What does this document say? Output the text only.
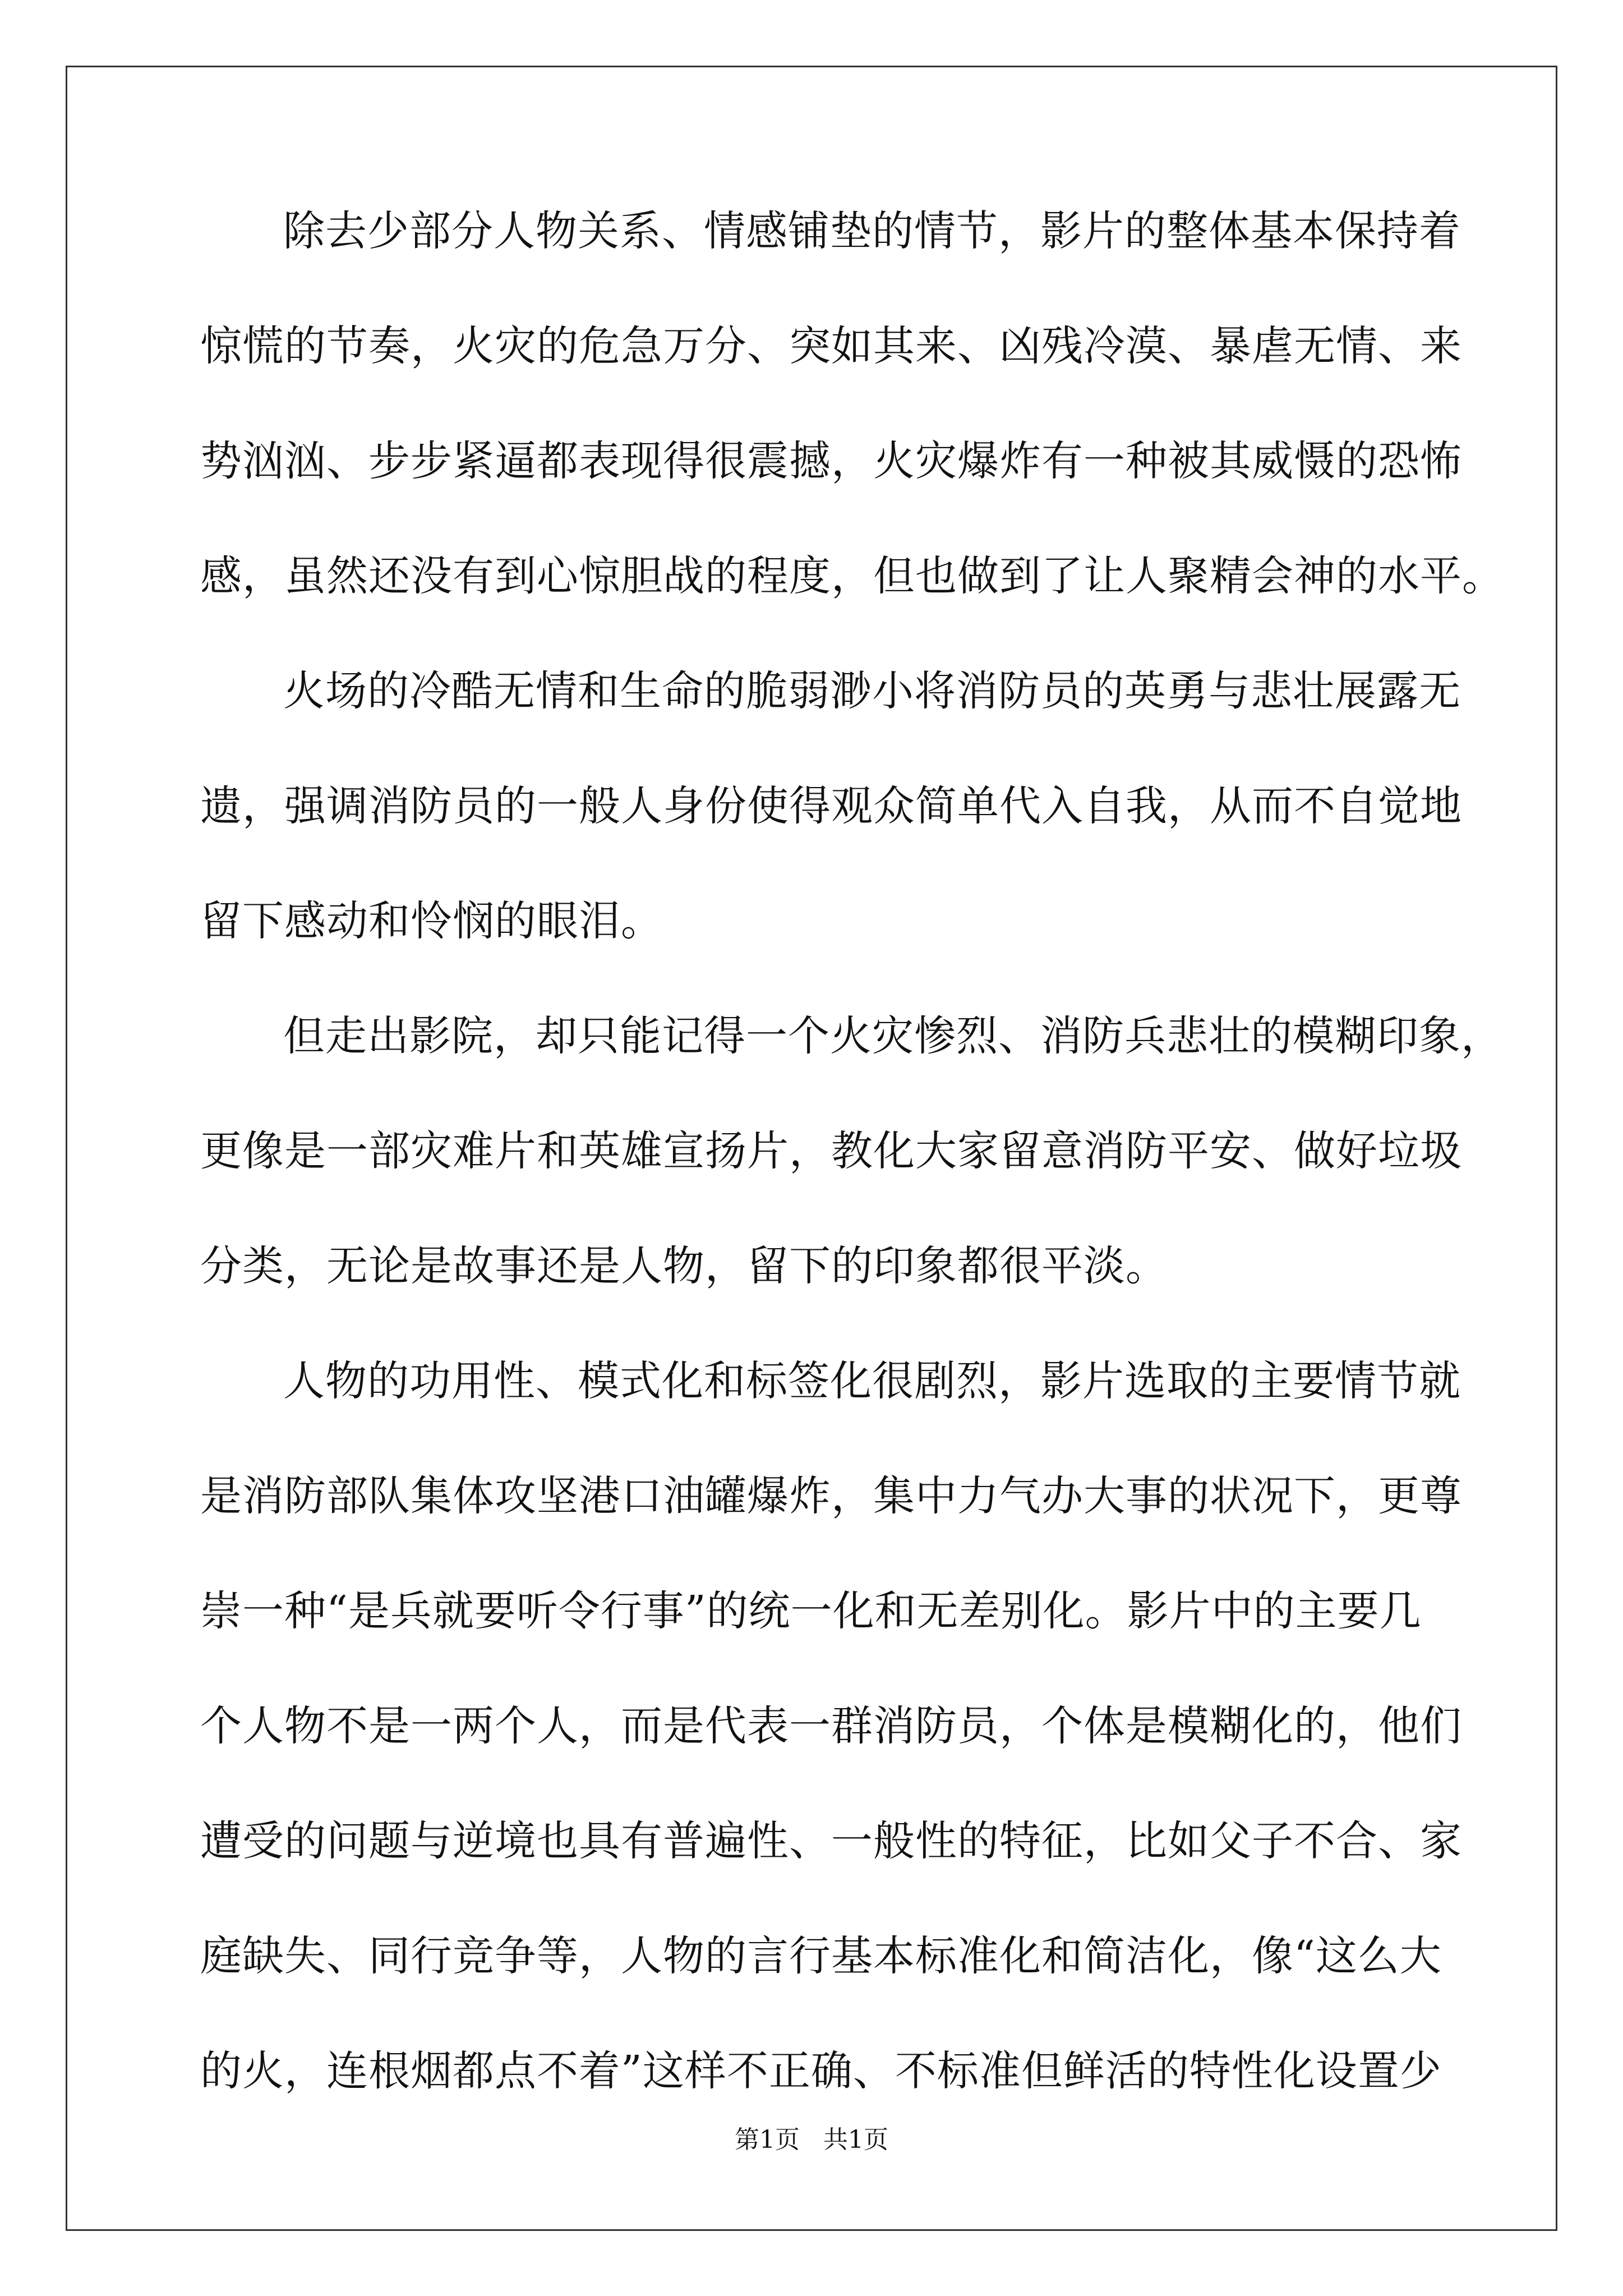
除去少部分人物关系、情感铺垫的情节，影片的整体基本保持着
惊慌的节奏，火灾的危急万分、突如其来、凶残冷漠、暴虐无情、来
势汹汹、步步紧逼都表现得很震撼，火灾爆炸有一种被其威慑的恐怖
感，虽然还没有到心惊胆战的程度，但也做到了让人聚精会神的水平。
火场的冷酷无情和生命的脆弱渺小将消防员的英勇与悲壮展露无
遗，强调消防员的一般人身份使得观众简单代入自我，从而不自觉地
留下感动和怜悯的眼泪。
但走出影院，却只能记得一个火灾惨烈、消防兵悲壮的模糊印象，
更像是一部灾难片和英雄宣扬片，教化大家留意消防平安、做好垃圾
分类，无论是故事还是人物，留下的印象都很平淡。
人物的功用性、模式化和标签化很剧烈，影片选取的主要情节就
是消防部队集体攻坚港口油罐爆炸，集中力气办大事的状况下，更尊
崇一种“是兵就要听令行事”的统一化和无差别化。影片中的主要几
个人物不是一两个人，而是代表一群消防员，个体是模糊化的，他们
遭受的问题与逆境也具有普遍性、一般性的特征，比如父子不合、家
庭缺失、同行竞争等，人物的言行基本标准化和简洁化，像“这么大
的火，连根烟都点不着”这样不正确、不标准但鲜活的特性化设置少
第1页   共1页
